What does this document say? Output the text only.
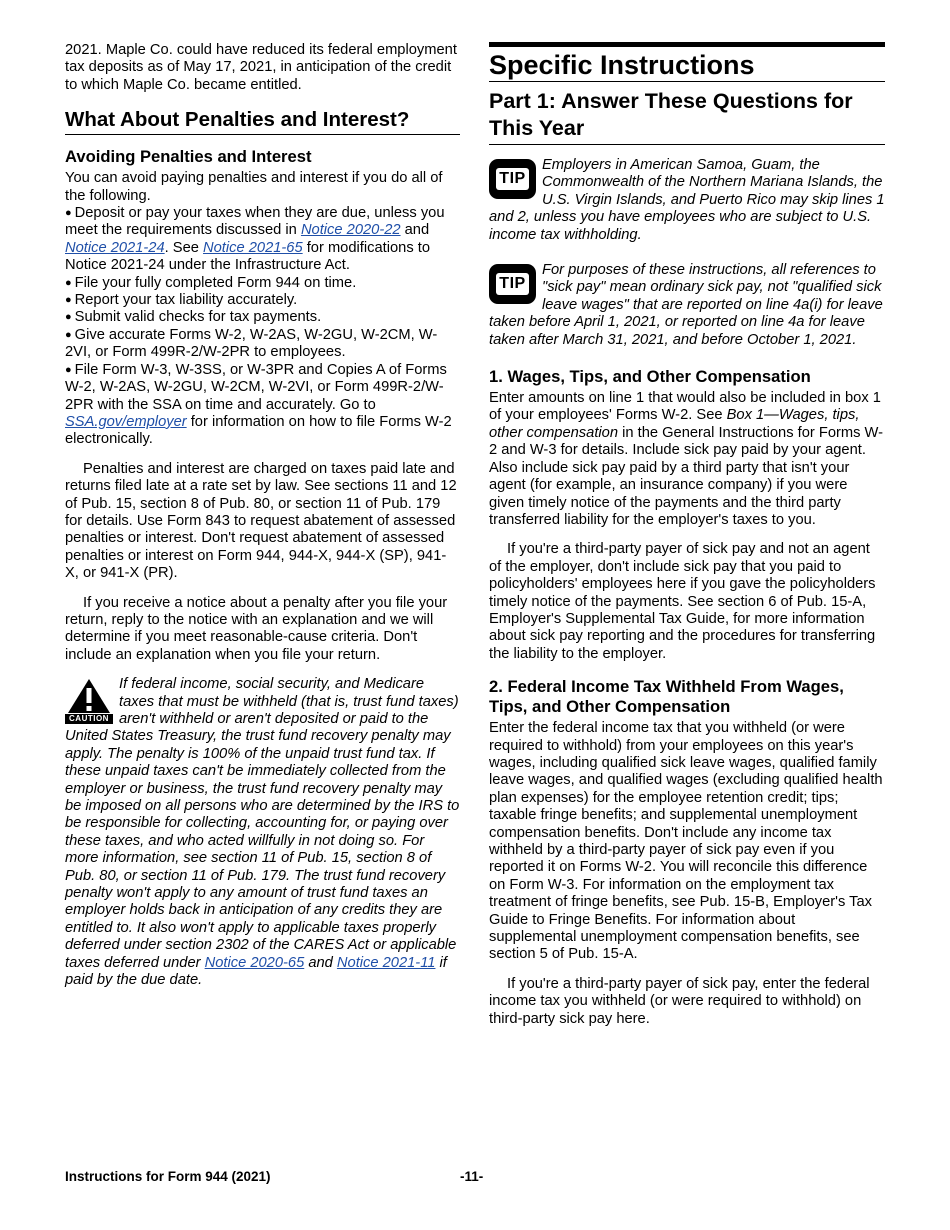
2021. Maple Co. could have reduced its federal employment tax deposits as of May 17, 2021, in anticipation of the credit to which Maple Co. became entitled.

What About Penalties and Interest?
Avoiding Penalties and Interest

You can avoid paying penalties and interest if you do all of the following.

● Deposit or pay your taxes when they are due, unless you meet the requirements discussed in Notice 2020-22 and Notice 2021-24. See Notice 2021-65 for modifications to Notice 2021-24 under the Infrastructure Act.
● File your fully completed Form 944 on time.
● Report your tax liability accurately.
● Submit valid checks for tax payments.
● Give accurate Forms W-2, W-2AS, W-2GU, W-2CM, W-2VI, or Form 499R-2/W-2PR to employees.
● File Form W-3, W-3SS, or W-3PR and Copies A of Forms W-2, W-2AS, W-2GU, W-2CM, W-2VI, or Form 499R-2/W-2PR with the SSA on time and accurately. Go to SSA.gov/employer for information on how to file Forms W-2 electronically.

Penalties and interest are charged on taxes paid late and returns filed late at a rate set by law. See sections 11 and 12 of Pub. 15, section 8 of Pub. 80, or section 11 of Pub. 179 for details. Use Form 843 to request abatement of assessed penalties or interest. Don't request abatement of assessed penalties or interest on Form 944, 944-X, 944-X (SP), 941-X, or 941-X (PR).

If you receive a notice about a penalty after you file your return, reply to the notice with an explanation and we will determine if you meet reasonable-cause criteria. Don't include an explanation when you file your return.

CAUTION
If federal income, social security, and Medicare taxes that must be withheld (that is, trust fund taxes) aren't withheld or aren't deposited or paid to the United States Treasury, the trust fund recovery penalty may apply. The penalty is 100% of the unpaid trust fund tax. If these unpaid taxes can't be immediately collected from the employer or business, the trust fund recovery penalty may be imposed on all persons who are determined by the IRS to be responsible for collecting, accounting for, or paying over these taxes, and who acted willfully in not doing so. For more information, see section 11 of Pub. 15, section 8 of Pub. 80, or section 11 of Pub. 179. The trust fund recovery penalty won't apply to any amount of trust fund taxes an employer holds back in anticipation of any credits they are entitled to. It also won't apply to applicable taxes properly deferred under section 2302 of the CARES Act or applicable taxes deferred under Notice 2020-65 and Notice 2021-11 if paid by the due date.
Specific Instructions
Part 1: Answer These Questions for This Year
TIP
Employers in American Samoa, Guam, the Commonwealth of the Northern Mariana Islands, the U.S. Virgin Islands, and Puerto Rico may skip lines 1 and 2, unless you have employees who are subject to U.S. income tax withholding.
TIP
For purposes of these instructions, all references to "sick pay" mean ordinary sick pay, not "qualified sick leave wages" that are reported on line 4a(i) for leave taken before April 1, 2021, or reported on line 4a for leave taken after March 31, 2021, and before October 1, 2021.
1. Wages, Tips, and Other Compensation

Enter amounts on line 1 that would also be included in box 1 of your employees' Forms W-2. See Box 1—Wages, tips, other compensation in the General Instructions for Forms W-2 and W-3 for details. Include sick pay paid by your agent. Also include sick pay paid by a third party that isn't your agent (for example, an insurance company) if you were given timely notice of the payments and the third party transferred liability for the employer's taxes to you.

If you're a third-party payer of sick pay and not an agent of the employer, don't include sick pay that you paid to policyholders' employees here if you gave the policyholders timely notice of the payments. See section 6 of Pub. 15-A, Employer's Supplemental Tax Guide, for more information about sick pay reporting and the procedures for transferring the liability to the employer.

2. Federal Income Tax Withheld From Wages, Tips, and Other Compensation

Enter the federal income tax that you withheld (or were required to withhold) from your employees on this year's wages, including qualified sick leave wages, qualified family leave wages, and qualified wages (excluding qualified health plan expenses) for the employee retention credit; tips; taxable fringe benefits; and supplemental unemployment compensation benefits. Don't include any income tax withheld by a third-party payer of sick pay even if you reported it on Forms W-2. You will reconcile this difference on Form W-3. For information on the employment tax treatment of fringe benefits, see Pub. 15-B, Employer's Tax Guide to Fringe Benefits. For information about supplemental unemployment compensation benefits, see section 5 of Pub. 15-A.

If you're a third-party payer of sick pay, enter the federal income tax you withheld (or were required to withhold) on third-party sick pay here.

Instructions for Form 944 (2021)	-11-
